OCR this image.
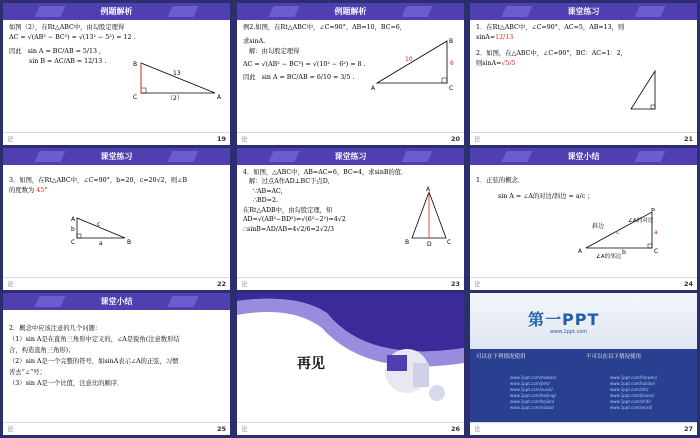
例题解析

如图（2），在Rt△ABC中，由勾股定理得

AC = √(AB² − BC²) = √(13² − 5²) = 12 .

因此   sin A = BC/AB = 5/13 ,

sin B = AC/AB = 12/13 .

C
B
A
13
（2）
论	19
例题解析

例2.如图，在Rt△ABC中，∠C=90°，AB=10，BC=6，

求sinA.

解：由勾股定理得

AC = √(AB² − BC²) = √(10² − 6²) = 8 .

因此   sin A = BC/AB = 6/10 = 3/5 .

B
10
6
A	C
论	20
课堂练习

1．在Rt△ABC中，∠C=90°，AC=5，AB=13，则

sinA=12/13

2．如图，在△ABC中，∠C=90°，BC：AC=1：2，

则sinA=√5/5

论	21
课堂练习

3．如图，在Rt△ABC中，∠C=90°，b=20，c=20√2，则∠B

的度数为 45°

A
c
b
C	a	B
论	22
课堂练习

4．如图，△ABC中，AB=AC=6，BC=4，求sinB的值．

解：过点A作AD⊥BC于点D,

∵AB=AC,

∴BD=2.

在Rt△ADB中，由勾股定理，知

AD=√(AB²−BD²)=√(6²−2²)=4√2

∴sinB=AD/AB=4√2/6=2√2/3

A
B	D	C
论	23
课堂小结

1．正弦的概念．

sin A = ∠A的对边/斜边 = a/c ；

B
斜边
∠A的对边
c	a
A	b	C
∠A的邻边
论	24
课堂小结

2．概念中应该注意的几个问题：

（1）sin A是在直角三角形中定义的，∠A是锐角(注意数形结

合，构造直角三角形)；

（2）sin A是一个完整的符号，如sinA表示∠A的正弦，习惯

省去“∠”号；

（3）sin A是一个比值，注意比的顺序．

论	25
再见
论	26
第一PPT
www.1ppt.com
可以在下列情况使用	不可以在以下情况使用
www.1ppt.com/moban/
www.1ppt.com/jieri/
www.1ppt.com/sucai/
www.1ppt.com/beijing/
www.1ppt.com/kejian/
www.1ppt.com/xiazai/
www.1ppt.com/fanwen/
www.1ppt.com/tubiao/
www.1ppt.com/ziti/
www.1ppt.com/jiaoan/
www.1ppt.com/shiti/
www.1ppt.com/word/
论	27
